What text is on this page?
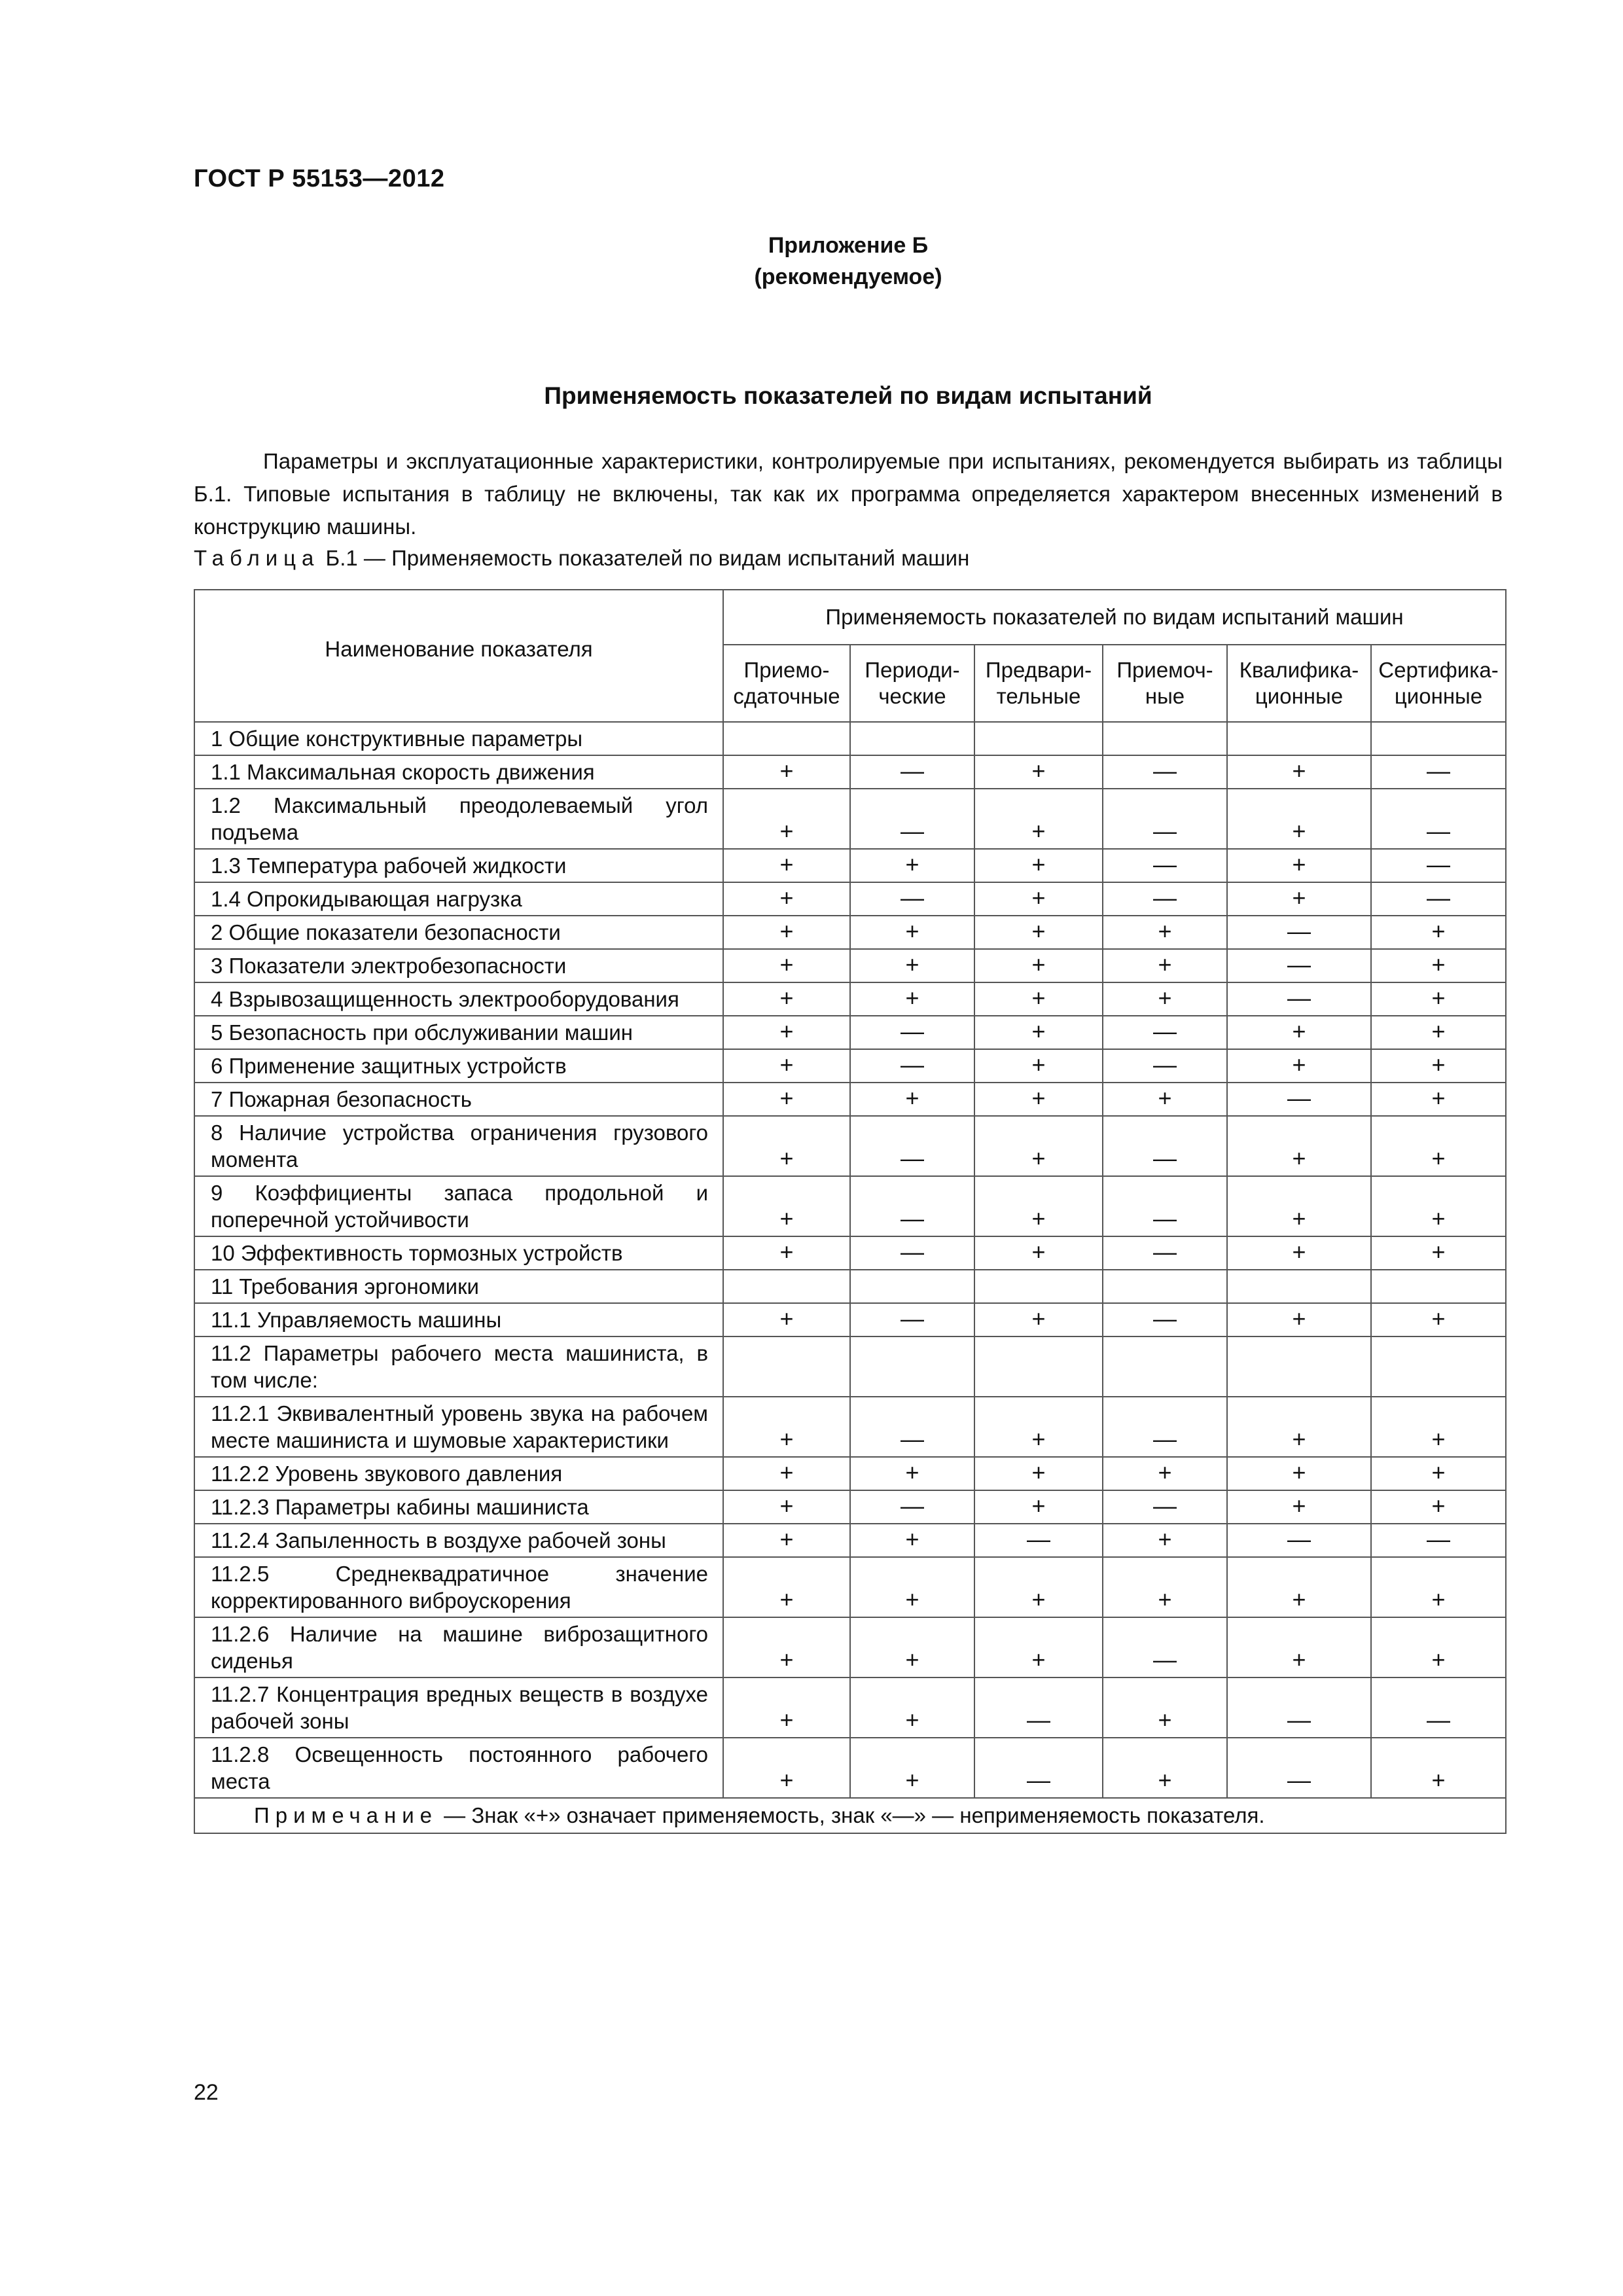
ГОСТ Р 55153—2012
Приложение Б
(рекомендуемое)
Применяемость показателей по видам испытаний

Параметры и эксплуатационные характеристики, контролируемые при испытаниях, рекомендуется выбирать из таблицы Б.1. Типовые испытания в таблицу не включены, так как их программа определяется характером внесенных изменений в конструкцию машины.

Таблица Б.1 — Применяемость показателей по видам испытаний машин
Наименование показателя	Применяемость показателей по видам испытаний машин					
	Приемо- сдаточные	Периоди- ческие	Предвари- тельные	Приемоч- ные	Квалифика- ционные	Сертифика- ционные
1 Общие конструктивные параметры						
1.1 Максимальная скорость движения	+	—	+	—	+	—
1.2 Максимальный преодолеваемый угол подъема	+	—	+	—	+	—
1.3 Температура рабочей жидкости	+	+	+	—	+	—
1.4 Опрокидывающая нагрузка	+	—	+	—	+	—
2 Общие показатели безопасности	+	+	+	+	—	+
3 Показатели электробезопасности	+	+	+	+	—	+
4 Взрывозащищенность электрооборудования	+	+	+	+	—	+
5 Безопасность при обслуживании машин	+	—	+	—	+	+
6 Применение защитных устройств	+	—	+	—	+	+
7 Пожарная безопасность	+	+	+	+	—	+
8 Наличие устройства ограничения грузового момента	+	—	+	—	+	+
9 Коэффициенты запаса продольной и поперечной устойчивости	+	—	+	—	+	+
10 Эффективность тормозных устройств	+	—	+	—	+	+
11 Требования эргономики						
11.1 Управляемость машины	+	—	+	—	+	+
11.2 Параметры рабочего места машиниста, в том числе:						
11.2.1 Эквивалентный уровень звука на рабочем месте машиниста и шумовые характеристики	+	—	+	—	+	+
11.2.2 Уровень звукового давления	+	+	+	+	+	+
11.2.3 Параметры кабины машиниста	+	—	+	—	+	+
11.2.4 Запыленность в воздухе рабочей зоны	+	+	—	+	—	—
11.2.5 Среднеквадратичное значение корректированного виброускорения	+	+	+	+	+	+
11.2.6 Наличие на машине виброзащитного сиденья	+	+	+	—	+	+
11.2.7 Концентрация вредных веществ в воздухе рабочей зоны	+	+	—	+	—	—
11.2.8 Освещенность постоянного рабочего места	+	+	—	+	—	+
Примечание — Знак «+» означает применяемость, знак «—» — неприменяемость показателя.						
22
